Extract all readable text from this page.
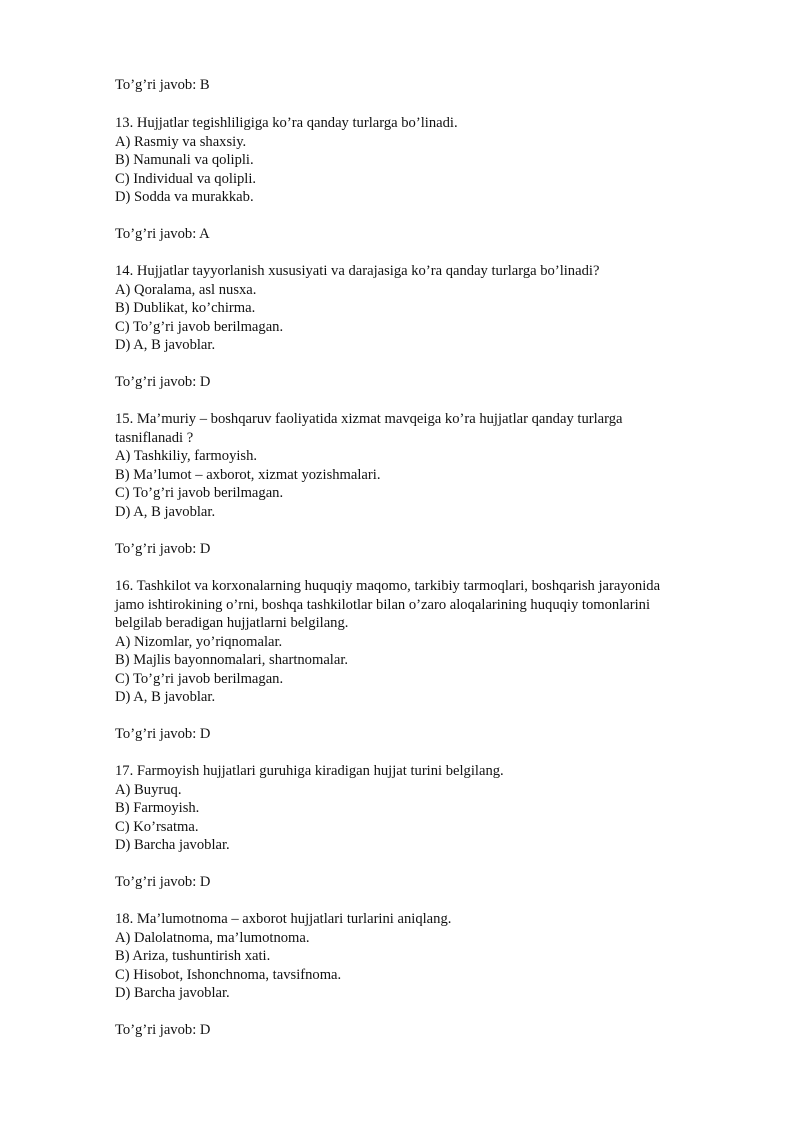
To’g’ri javob: B
13. Hujjatlar tegishliligiga ko’ra qanday turlarga bo’linadi.
A) Rasmiy va shaxsiy.
B) Namunali va qolipli.
C) Individual va qolipli.
D) Sodda va murakkab.
To’g’ri javob: A
14. Hujjatlar tayyorlanish xususiyati va darajasiga ko’ra qanday turlarga bo’linadi?
A) Qoralama, asl nusxa.
B) Dublikat, ko’chirma.
C) To’g’ri javob berilmagan.
D) A, B javoblar.
To’g’ri javob: D
15. Ma’muriy – boshqaruv faoliyatida xizmat mavqeiga ko’ra hujjatlar qanday turlarga
tasniflanadi ?
A) Tashkiliy, farmoyish.
B) Ma’lumot – axborot, xizmat yozishmalari.
C) To’g’ri javob berilmagan.
D) A, B javoblar.
To’g’ri javob: D
16. Tashkilot va korxonalarning huquqiy maqomo, tarkibiy tarmoqlari, boshqarish jarayonida
jamo ishtirokining o’rni, boshqa tashkilotlar bilan o’zaro aloqalarining huquqiy tomonlarini
belgilab beradigan hujjatlarni belgilang.
A) Nizomlar, yo’riqnomalar.
B) Majlis bayonnomalari, shartnomalar.
C) To’g’ri javob berilmagan.
D) A, B javoblar.
To’g’ri javob: D
17. Farmoyish hujjatlari guruhiga kiradigan hujjat turini belgilang.
A) Buyruq.
B) Farmoyish.
C) Ko’rsatma.
D) Barcha javoblar.
To’g’ri javob: D
18. Ma’lumotnoma – axborot hujjatlari turlarini aniqlang.
A) Dalolatnoma, ma’lumotnoma.
B) Ariza, tushuntirish xati.
C) Hisobot, Ishonchnoma, tavsifnoma.
D) Barcha javoblar.
To’g’ri javob: D
